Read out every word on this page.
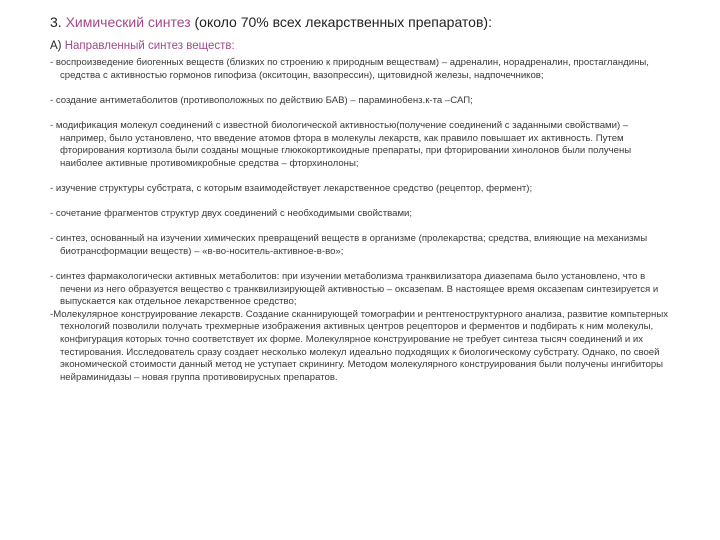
3. Химический синтез (около 70% всех лекарственных препаратов):
А) Направленный синтез веществ:

- воспроизведение биогенных веществ (близких по строению к природным веществам) – адреналин, норадреналин, простагландины, средства с активностью гормонов гипофиза (окситоцин, вазопрессин), щитовидной железы, надпочечников;

- создание антиметаболитов (противоположных по действию БАВ) – параминобенз.к-та –САП;

- модификация молекул соединений с известной биологической активностью(получение соединений с заданными свойствами) – например, было установлено, что введение атомов фтора в молекулы лекарств, как правило повышает их активность. Путем фторирования кортизола были созданы мощные глюкокортикоидные препараты, при фторировании хинолонов были получены наиболее активные противомикробные средства – фторхинолоны;

- изучение структуры субстрата, с которым взаимодействует лекарственное средство (рецептор, фермент);

- сочетание фрагментов структур двух соединений с необходимыми свойствами;

- синтез, основанный на изучении химических превращений веществ в организме (пролекарства; средства, влияющие на механизмы биотрансформации веществ) – «в-во-носитель-активное-в-во»;

- синтез фармакологически активных метаболитов: при изучении метаболизма транквилизатора диазепама было установлено, что в печени из него образуется вещество с транквилизирующей активностью – оксазепам. В настоящее время оксазепам синтезируется и выпускается как отдельное лекарственное средство;

-Молекулярное конструирование лекарств. Создание сканнирующей томографии и рентгеноструктурного анализа, развитие компьтерных технологий позволили получать трехмерные изображения активных центров рецепторов и ферментов и подбирать к ним молекулы, конфигурация которых точно соответствует их форме. Молекулярное конструирование не требует синтеза тысяч соединений и их тестирования. Исследователь сразу создает несколько молекул идеально подходящих к биологическому субстрату. Однако, по своей экономической стоимости данный метод не уступает скринингу. Методом молекулярного конструирования были получены ингибиторы нейраминидазы – новая группа противовирусных препаратов.
